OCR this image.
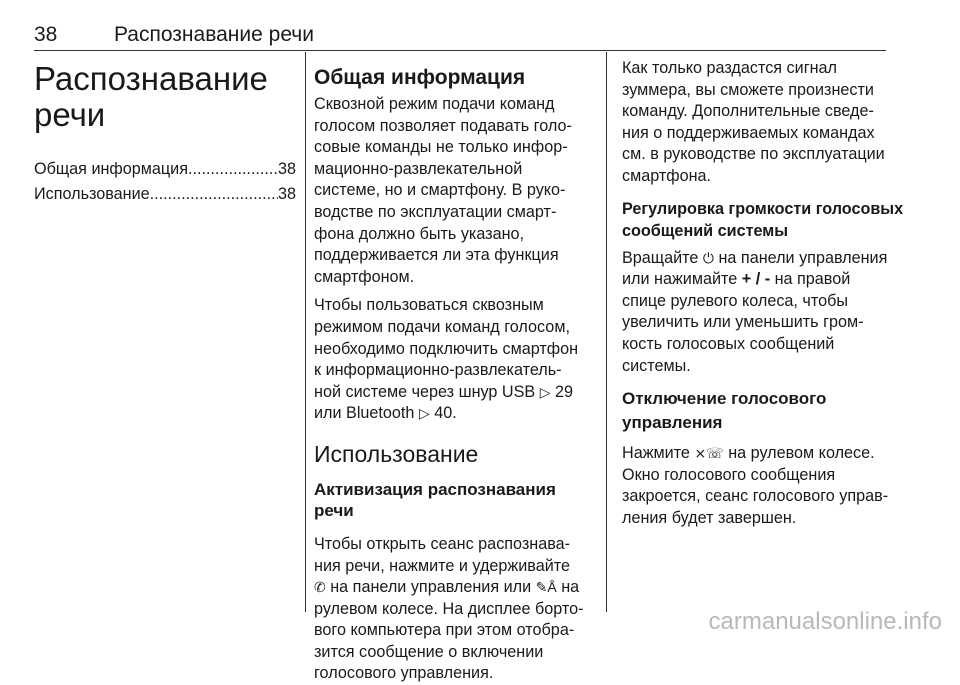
38	Распознавание речи
Распознавание
речи
Общая информация .....	38
Использование .....	38
Общая информация

Сквозной режим подачи команд

голосом позволяет подавать голо-

совые команды не только инфор-

мационно-развлекательной

системе, но и смартфону. В руко-

водстве по эксплуатации смарт-

фона должно быть указано,

поддерживается ли эта функция

смартфоном.

Чтобы пользоваться сквозным

режимом подачи команд голосом,

необходимо подключить смартфон

к информационно-развлекатель-

ной системе через шнур USB ▷ 29

или Bluetooth ▷ 40.

Использование
Активизация распознавания
речи

Чтобы открыть сеанс распознава-

ния речи, нажмите и удерживайте

✆ на панели управления или ✎Å на

рулевом колесе. На дисплее борто-

вого компьютера при этом отобра-

зится сообщение о включении

голосового управления.

Как только раздастся сигнал

зуммера, вы сможете произнести

команду. Дополнительные сведе-

ния о поддерживаемых командах

см. в руководстве по эксплуатации

смартфона.

Регулировка громкости голосовых
сообщений системы

Вращайте ⏻ на панели управления

или нажимайте + / - на правой

спице рулевого колеса, чтобы

увеличить или уменьшить гром-

кость голосовых сообщений

системы.

Отключение голосового
управления

Нажмите ⨯☏ на рулевом колесе.

Окно голосового сообщения

закроется, сеанс голосового управ-

ления будет завершен.

carmanualsonline.info
